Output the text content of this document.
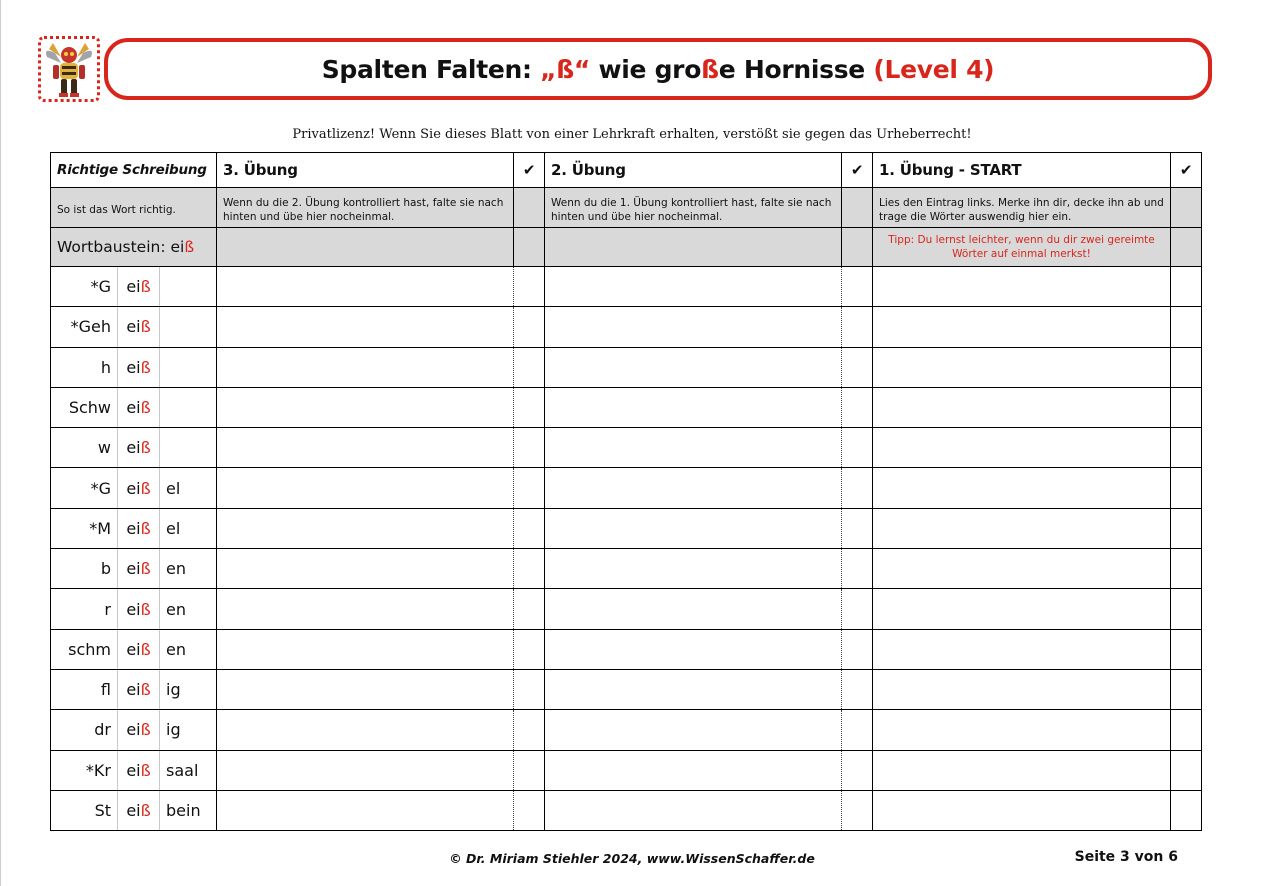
Spalten Falten: „ß“ wie große Hornisse (Level 4)
Privatlizenz! Wenn Sie dieses Blatt von einer Lehrkraft erhalten, verstößt sie gegen das Urheberrecht!
Richtige Schreibung			3. Übung	✔	2. Übung	✔	1. Übung - START	✔
So ist das Wort richtig.			Wenn du die 2. Übung kontrolliert hast, falte sie nach hinten und übe hier nocheinmal.		Wenn du die 1. Übung kontrolliert hast, falte sie nach hinten und übe hier nocheinmal.		Lies den Eintrag links. Merke ihn dir, decke ihn ab und trage die Wörter auswendig hier ein.	
Wortbaustein: eiß							Tipp: Du lernst leichter, wenn du dir zwei gereimte Wörter auf einmal merkst!	
*G	eiß							
*Geh	eiß							
h	eiß							
Schw	eiß							
w	eiß							
*G	eiß	el						
*M	eiß	el						
b	eiß	en						
r	eiß	en						
schm	eiß	en						
fl	eiß	ig						
dr	eiß	ig						
*Kr	eiß	saal						
St	eiß	bein						
© Dr. Miriam Stiehler 2024, www.WissenSchaffer.de	Seite 3 von 6
